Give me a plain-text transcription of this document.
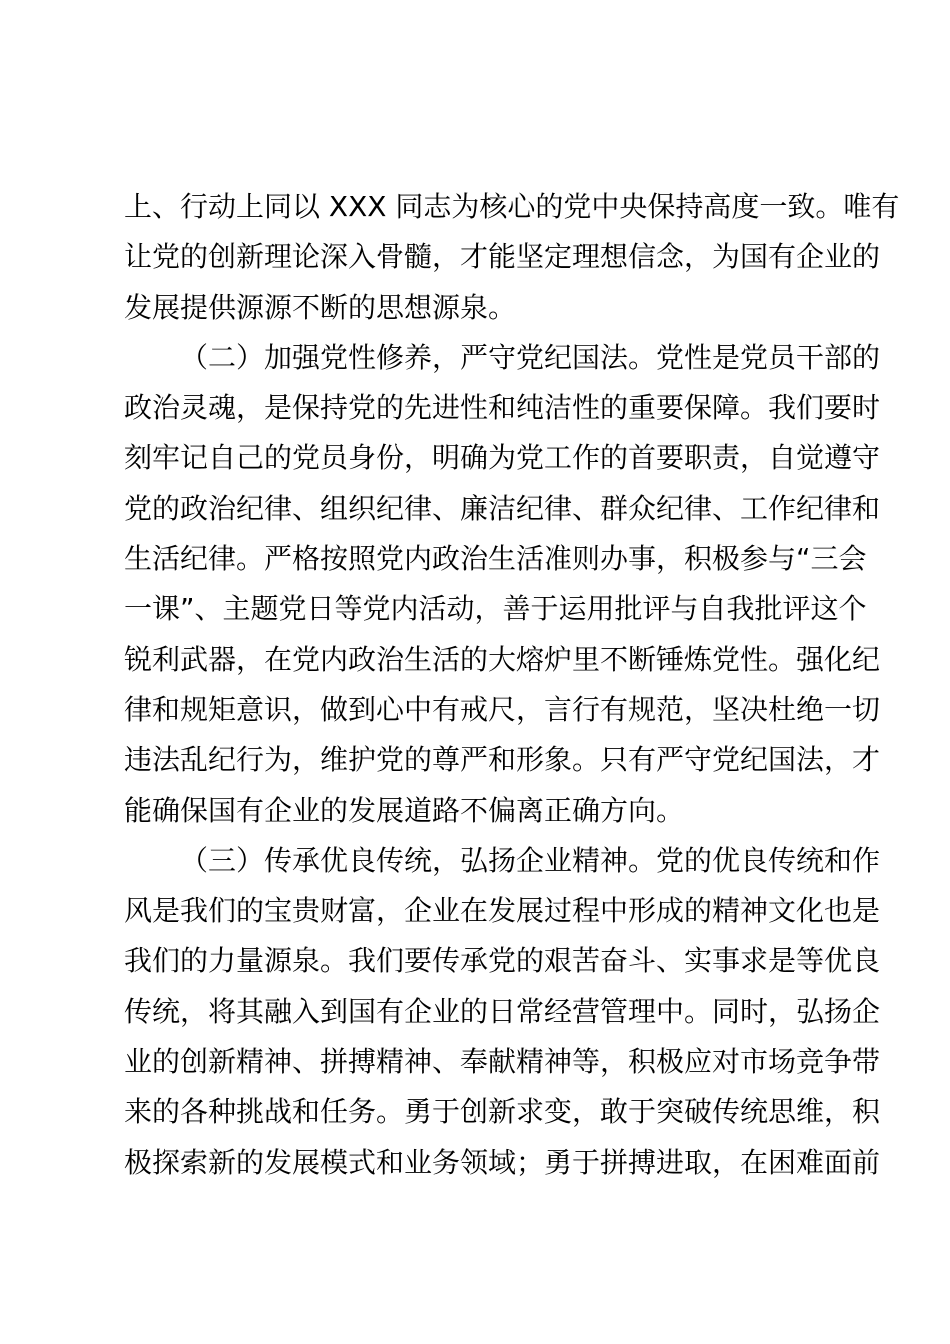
上、行动上同以 XXX 同志为核心的党中央保持高度一致。唯有
让党的创新理论深入骨髓，才能坚定理想信念，为国有企业的
发展提供源源不断的思想源泉。
（二）加强党性修养，严守党纪国法。党性是党员干部的
政治灵魂，是保持党的先进性和纯洁性的重要保障。我们要时
刻牢记自己的党员身份，明确为党工作的首要职责，自觉遵守
党的政治纪律、组织纪律、廉洁纪律、群众纪律、工作纪律和
生活纪律。严格按照党内政治生活准则办事，积极参与“三会
一课”、主题党日等党内活动，善于运用批评与自我批评这个
锐利武器，在党内政治生活的大熔炉里不断锤炼党性。强化纪
律和规矩意识，做到心中有戒尺，言行有规范，坚决杜绝一切
违法乱纪行为，维护党的尊严和形象。只有严守党纪国法，才
能确保国有企业的发展道路不偏离正确方向。
（三）传承优良传统，弘扬企业精神。党的优良传统和作
风是我们的宝贵财富，企业在发展过程中形成的精神文化也是
我们的力量源泉。我们要传承党的艰苦奋斗、实事求是等优良
传统，将其融入到国有企业的日常经营管理中。同时，弘扬企
业的创新精神、拼搏精神、奉献精神等，积极应对市场竞争带
来的各种挑战和任务。勇于创新求变，敢于突破传统思维，积
极探索新的发展模式和业务领域；勇于拼搏进取，在困难面前
